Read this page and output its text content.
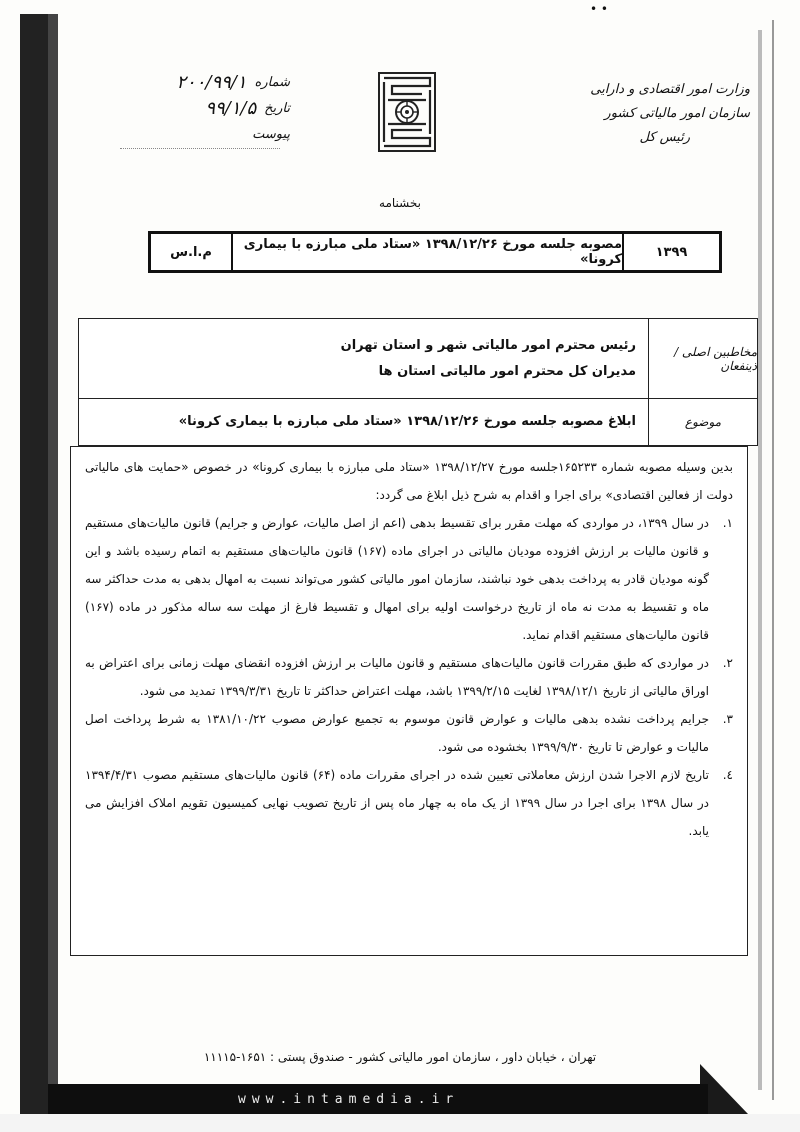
• •
وزارت امور اقتصادی و دارایی
سازمان امور مالیاتی کشور
رئیس کل
شماره
۲۰۰/۹۹/۱
تاریخ
۹۹/۱/۵
پیوست
بخشنامه
۱۳۹۹
مصوبه جلسه مورخ ۱۳۹۸/۱۲/۲۶ «ستاد ملی مبارزه با بیماری کرونا»
م.ا.س
مخاطبین اصلی / ذینفعان
رئیس محترم امور مالیاتی شهر و استان تهران
مدیران کل محترم امور مالیاتی استان ها
موضوع
ابلاغ مصوبه جلسه مورخ ۱۳۹۸/۱۲/۲۶ «ستاد ملی مبارزه با بیماری کرونا»

بدین وسیله مصوبه شماره ۱۶۵۲۳۳جلسه مورخ ۱۳۹۸/۱۲/۲۷ «ستاد ملی مبارزه با بیماری کرونا» در خصوص «حمایت های مالیاتی دولت از فعالین اقتصادی» برای اجرا و اقدام به شرح ذیل ابلاغ می گردد:

۱.
در سال ۱۳۹۹، در مواردی که مهلت مقرر برای تقسیط بدهی (اعم از اصل مالیات، عوارض و جرایم) قانون مالیات‌های مستقیم و قانون مالیات بر ارزش افزوده مودیان مالیاتی در اجرای ماده (۱۶۷) قانون مالیات‌های مستقیم به اتمام رسیده باشد و این گونه مودیان قادر به پرداخت بدهی خود نباشند، سازمان امور مالیاتی کشور می‌تواند نسبت به امهال بدهی به مدت حداکثر سه ماه و تقسیط به مدت نه ماه از تاریخ درخواست اولیه برای امهال و تقسیط فارغ از مهلت سه ساله مذکور در ماده (۱۶۷) قانون مالیات‌های مستقیم اقدام نماید.
۲.
در مواردی که طبق مقررات قانون مالیات‌های مستقیم و قانون مالیات بر ارزش افزوده انقضای مهلت زمانی برای اعتراض به اوراق مالیاتی از تاریخ ۱۳۹۸/۱۲/۱ لغایت ۱۳۹۹/۲/۱۵ باشد، مهلت اعتراض حداکثر تا تاریخ ۱۳۹۹/۳/۳۱ تمدید می شود.
۳.
جرایم پرداخت نشده بدهی مالیات و عوارض قانون موسوم به تجمیع عوارض مصوب ۱۳۸۱/۱۰/۲۲ به شرط پرداخت اصل مالیات و عوارض تا تاریخ ۱۳۹۹/۹/۳۰ بخشوده می شود.
٤.
تاریخ لازم الاجرا شدن ارزش معاملاتی تعیین شده در اجرای مقررات ماده (۶۴) قانون مالیات‌های مستقیم مصوب ۱۳۹۴/۴/۳۱ در سال ۱۳۹۸ برای اجرا در سال ۱۳۹۹ از یک ماه به چهار ماه پس از تاریخ تصویب نهایی کمیسیون تقویم املاک افزایش می یابد.
تهران ، خیابان داور ، سازمان امور مالیاتی کشور - صندوق پستی : ۱۶۵۱-۱۱۱۱۵
www.intamedia.ir
